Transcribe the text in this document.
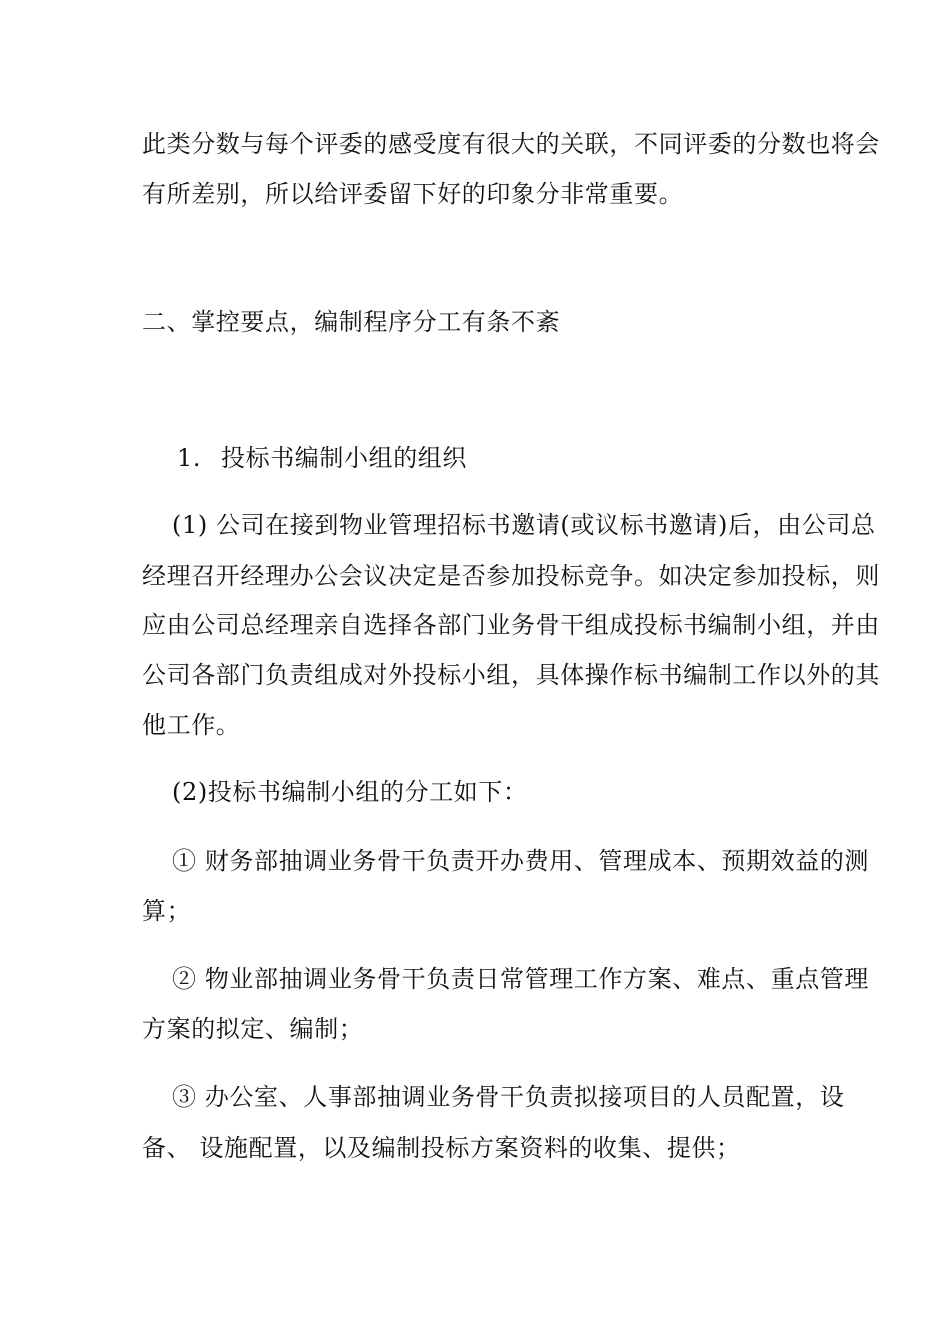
此类分数与每个评委的感受度有很大的关联，不同评委的分数也将会
有所差别，所以给评委留下好的印象分非常重要。
二、掌控要点，编制程序分工有条不紊
1. 投标书编制小组的组织
(1) 公司在接到物业管理招标书邀请(或议标书邀请)后，由公司总
经理召开经理办公会议决定是否参加投标竞争。如决定参加投标，则
应由公司总经理亲自选择各部门业务骨干组成投标书编制小组，并由
公司各部门负责组成对外投标小组，具体操作标书编制工作以外的其
他工作。
(2)投标书编制小组的分工如下：
① 财务部抽调业务骨干负责开办费用、管理成本、预期效益的测
算；
② 物业部抽调业务骨干负责日常管理工作方案、难点、重点管理
方案的拟定、编制；
③ 办公室、人事部抽调业务骨干负责拟接项目的人员配置，设
备、 设施配置，以及编制投标方案资料的收集、提供；
